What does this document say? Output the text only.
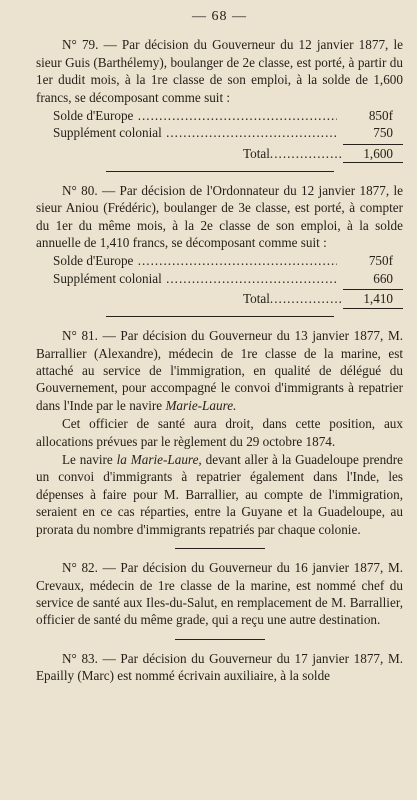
— 68 —

N° 79. — Par décision du Gouverneur du 12 janvier 1877, le sieur Guis (Barthélemy), boulanger de 2e classe, est porté, à partir du 1er dudit mois, à la 1re classe de son emploi, à la solde de 1,600 francs, se décomposant comme suit :

Solde d'Europe .....	850f
Supplément colonial .....	750
Total .....	1,600

N° 80. — Par décision de l'Ordonnateur du 12 janvier 1877, le sieur Aniou (Frédéric), boulanger de 3e classe, est porté, à compter du 1er du même mois, à la 2e classe de son emploi, à la solde annuelle de 1,410 francs, se décomposant comme suit :

Solde d'Europe .....	750f
Supplément colonial .....	660
Total .....	1,410

N° 81. — Par décision du Gouverneur du 13 janvier 1877, M. Barrallier (Alexandre), médecin de 1re classe de la marine, est attaché au service de l'immigration, en qualité de délégué du Gouvernement, pour accompagné le convoi d'immigrants à repatrier dans l'Inde par le navire Marie-Laure.

Cet officier de santé aura droit, dans cette position, aux allocations prévues par le règlement du 29 octobre 1874.

Le navire la Marie-Laure, devant aller à la Guadeloupe prendre un convoi d'immigrants à repatrier également dans l'Inde, les dépenses à faire pour M. Barrallier, au compte de l'immigration, seraient en ce cas réparties, entre la Guyane et la Guadeloupe, au prorata du nombre d'immigrants repatriés par chaque colonie.

N° 82. — Par décision du Gouverneur du 16 janvier 1877, M. Crevaux, médecin de 1re classe de la marine, est nommé chef du service de santé aux Iles-du-Salut, en remplacement de M. Barrallier, officier de santé du même grade, qui a reçu une autre destination.

N° 83. — Par décision du Gouverneur du 17 janvier 1877, M. Epailly (Marc) est nommé écrivain auxiliaire, à la solde
